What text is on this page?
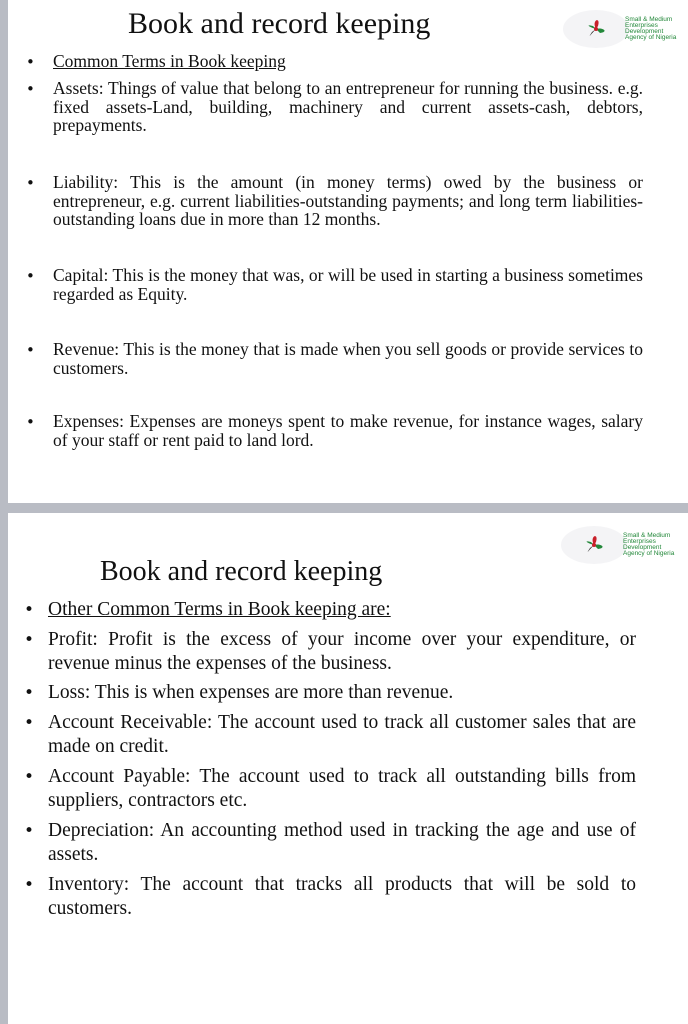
Book and record keeping	Small & Medium Enterprises Development Agency of Nigeria
• Common Terms in Book keeping
• Assets: Things of value that belong to an entrepreneur for running the business. e.g. fixed assets-Land, building, machinery and current assets-cash, debtors, prepayments.
• Liability: This is the amount (in money terms) owed by the business or entrepreneur, e.g. current liabilities-outstanding payments; and long term liabilities- outstanding loans due in more than 12 months.
• Capital: This is the money that was, or will be used in starting a business sometimes regarded as Equity.
• Revenue: This is the money that is made when you sell goods or provide services to customers.
• Expenses: Expenses are moneys spent to make revenue, for instance wages, salary of your staff or rent paid to land lord.
Book and record keeping
Small & Medium Enterprises Development Agency of Nigeria
• Other Common Terms in Book keeping are:
• Profit: Profit is the excess of your income over your expenditure, or revenue minus the expenses of the business.
• Loss: This is when expenses are more than revenue.
• Account Receivable: The account used to track all customer sales that are made on credit.
• Account Payable: The account used to track all outstanding bills from suppliers, contractors etc.
• Depreciation: An accounting method used in tracking the age and use of assets.
• Inventory: The account that tracks all products that will be sold to customers.
